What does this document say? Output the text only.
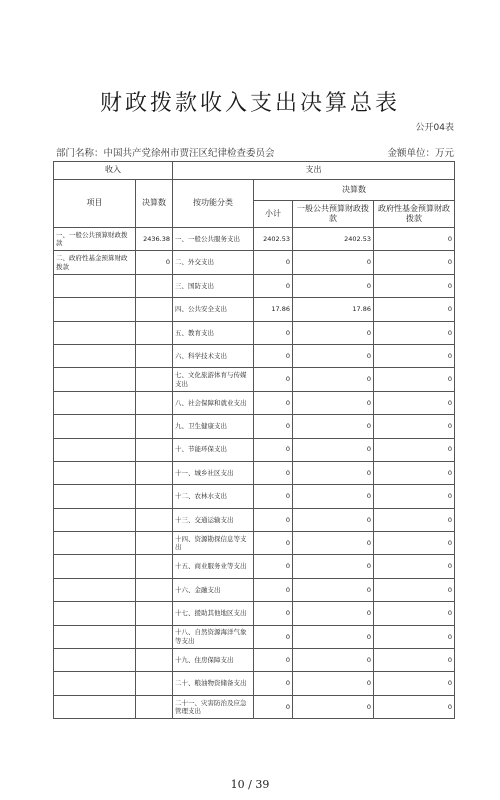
财政拨款收入支出决算总表
公开04表
部门名称：中国共产党徐州市贾汪区纪律检查委员会	金额单位：万元
收入		支出			
项目	决算数	按功能分类	决算数		
			小计	一般公共预算财政拨款	政府性基金预算财政拨款
一、一般公共预算财政拨款	2436.38	一、一般公共服务支出	2402.53	2402.53	0
二、政府性基金预算财政拨款	0	二、外交支出	0	0	0
		三、国防支出	0	0	0
		四、公共安全支出	17.86	17.86	0
		五、教育支出	0	0	0
		六、科学技术支出	0	0	0
		七、文化旅游体育与传媒支出	0	0	0
		八、社会保障和就业支出	0	0	0
		九、卫生健康支出	0	0	0
		十、节能环保支出	0	0	0
		十一、城乡社区支出	0	0	0
		十二、农林水支出	0	0	0
		十三、交通运输支出	0	0	0
		十四、资源勘探信息等支出	0	0	0
		十五、商业服务业等支出	0	0	0
		十六、金融支出	0	0	0
		十七、援助其他地区支出	0	0	0
		十八、自然资源海洋气象等支出	0	0	0
		十九、住房保障支出	0	0	0
		二十、粮油物资储备支出	0	0	0
		二十一、灾害防治及应急管理支出	0	0	0
10 / 39
